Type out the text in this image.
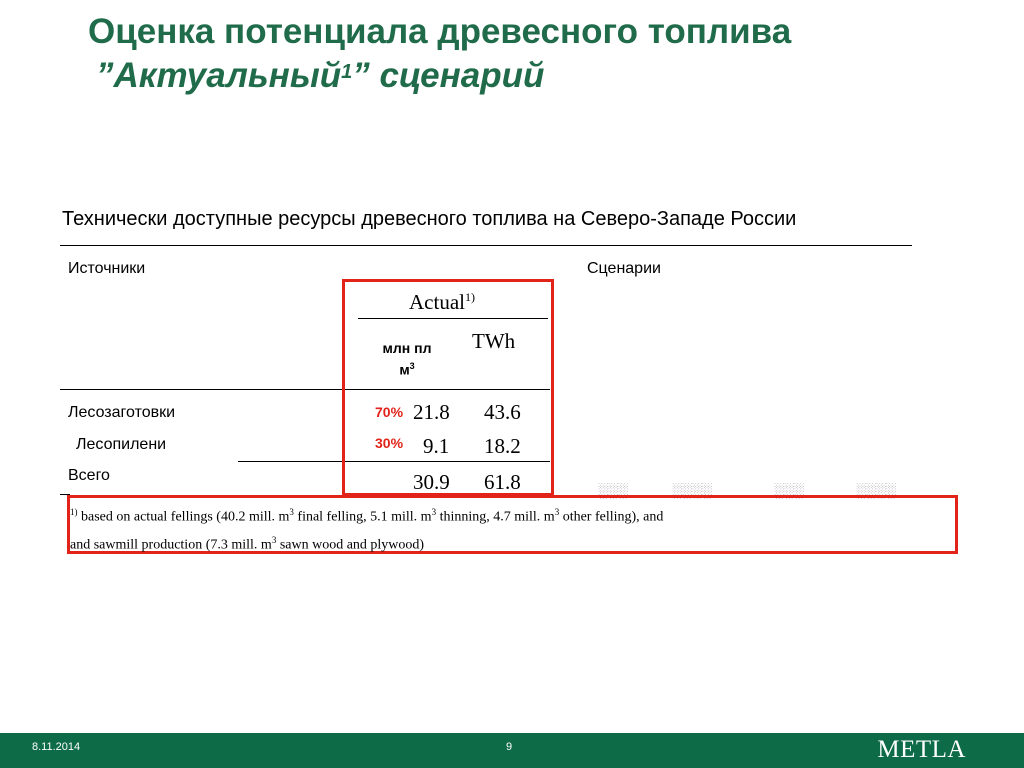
Оценка потенциала древесного топлива
”Актуальный$^1$” сценарий
Технически доступные ресурсы древесного топлива на Северо-Западе России
Источники	Сценарии
Actual$^{1)}$
млн пл
$м^3$
TWh
Лесозаготовки	70% 21.8 43.6
Лесопилени	30% 9.1 18.2
Всего	30.9 61.8	░░░	░░░░	░░░	░░░░
$^{1)}$ based on actual fellings (40.2 mill. $m^3$ final felling, 5.1 mill. $m^3$ thinning, 4.7 mill. $m^3$ other felling), and
and sawmill production (7.3 mill. $m^3$ sawn wood and plywood)
8.11.2014	9	METLA
